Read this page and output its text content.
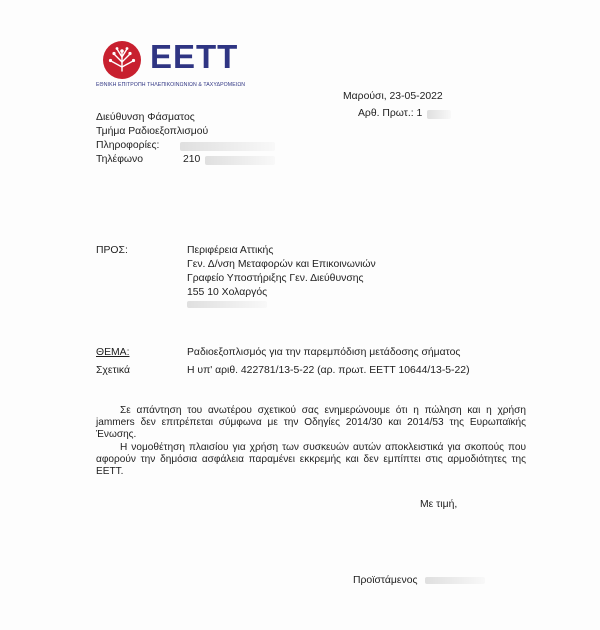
ΕΕΤΤ
ΕΘΝΙΚΗ ΕΠΙΤΡΟΠΗ ΤΗΛΕΠΙΚΟΙΝΩΝΙΩΝ & ΤΑΧΥΔΡΟΜΕΙΩΝ
Μαρούσι, 23-05-2022
Αρθ. Πρωτ.: 1
Διεύθυνση Φάσματος
Τμήμα Ραδιοεξοπλισμού
Πληροφορίες:
Τηλέφωνο	210
ΠΡΟΣ:	Περιφέρεια Αττικής
Γεν. Δ/νση Μεταφορών και Επικοινωνιών
Γραφείο Υποστήριξης Γεν. Διεύθυνσης
155 10 Χολαργός
ΘΕΜΑ:	Ραδιοεξοπλισμός για την παρεμπόδιση μετάδοσης σήματος
Σχετικά	Η υπ' αριθ. 422781/13-5-22 (αρ. πρωτ. ΕΕΤΤ 10644/13-5-22)

Σε απάντηση του ανωτέρου σχετικού σας ενημερώνουμε ότι η πώληση και η χρήση jammers δεν επιτρέπεται σύμφωνα με την Οδηγίες 2014/30 και 2014/53 της Ευρωπαϊκής Ένωσης.

Η νομοθέτηση πλαισίου για χρήση των συσκευών αυτών αποκλειστικά για σκοπούς που αφορούν την δημόσια ασφάλεια παραμένει εκκρεμής και δεν εμπίπτει στις αρμοδιότητες της ΕΕΤΤ.

Με τιμή,
Προϊστάμενος
